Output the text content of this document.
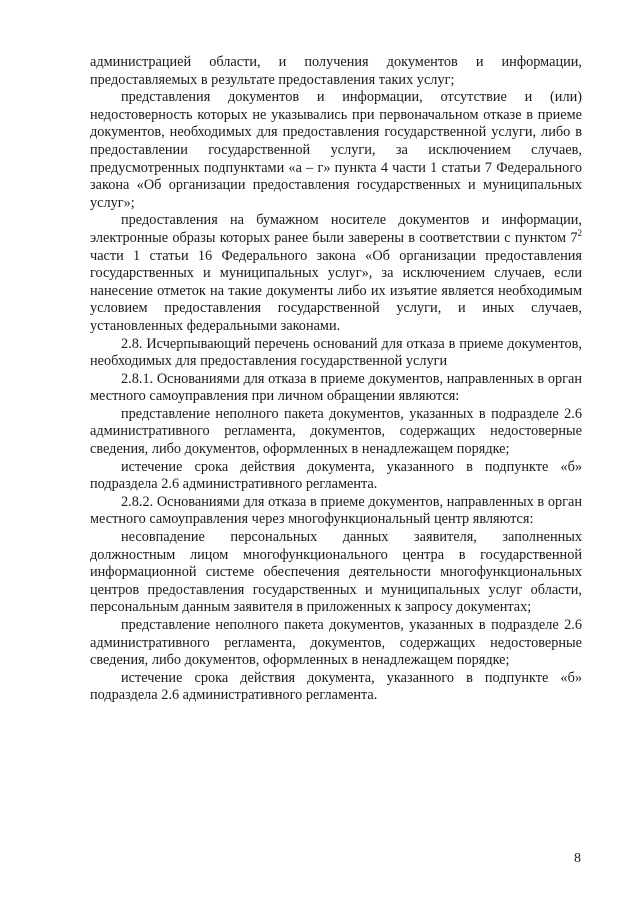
администрацией области, и получения документов и информации, предоставляемых в результате предоставления таких услуг;

представления документов и информации, отсутствие и (или) недостоверность которых не указывались при первоначальном отказе в приеме документов, необходимых для предоставления государственной услуги, либо в предоставлении государственной услуги, за исключением случаев, предусмотренных подпунктами «а – г» пункта 4 части 1 статьи 7 Федерального закона «Об организации предоставления государственных и муниципальных услуг»;

предоставления на бумажном носителе документов и информации, электронные образы которых ранее были заверены в соответствии с пунктом $7^2$ части 1 статьи 16 Федерального закона «Об организации предоставления государственных и муниципальных услуг», за исключением случаев, если нанесение отметок на такие документы либо их изъятие является необходимым условием предоставления государственной услуги, и иных случаев, установленных федеральными законами.

2.8. Исчерпывающий перечень оснований для отказа в приеме документов, необходимых для предоставления государственной услуги

2.8.1. Основаниями для отказа в приеме документов, направленных в орган местного самоуправления при личном обращении являются:

представление неполного пакета документов, указанных в подразделе 2.6 административного регламента, документов, содержащих недостоверные сведения, либо документов, оформленных в ненадлежащем порядке;

истечение срока действия документа, указанного в подпункте «б» подраздела 2.6 административного регламента.

2.8.2. Основаниями для отказа в приеме документов, направленных в орган местного самоуправления через многофункциональный центр являются:

несовпадение персональных данных заявителя, заполненных должностным лицом многофункционального центра в государственной информационной системе обеспечения деятельности многофункциональных центров предоставления государственных и муниципальных услуг области, персональным данным заявителя в приложенных к запросу документах;

представление неполного пакета документов, указанных в подразделе 2.6 административного регламента, документов, содержащих недостоверные сведения, либо документов, оформленных в ненадлежащем порядке;

истечение срока действия документа, указанного в подпункте «б» подраздела 2.6 административного регламента.

8
